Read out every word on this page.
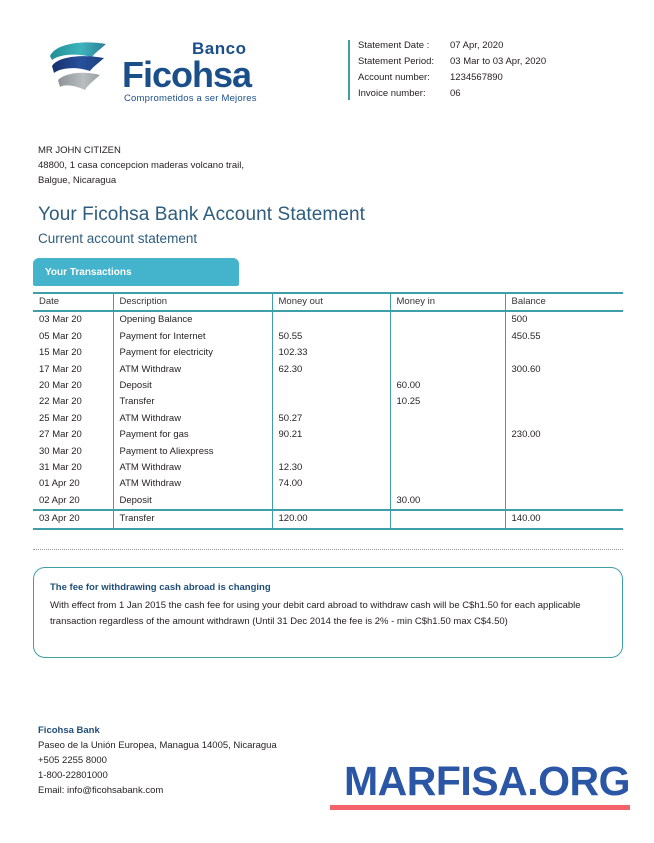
Banco
Ficohsa
Comprometidos a ser Mejores
Statement Date :	07 Apr, 2020
Statement Period:	03 Mar to 03 Apr, 2020
Account number:	1234567890
Invoice number:	06
MR JOHN CITIZEN
48800, 1 casa concepcion maderas volcano trail,
Balgue, Nicaragua
Your Ficohsa Bank Account Statement
Current account statement
Your Transactions
Date	Description	Money out	Money in	Balance
03 Mar 20	Opening Balance			500
05 Mar 20	Payment for Internet	50.55		450.55
15 Mar 20	Payment for electricity	102.33		
17 Mar 20	ATM Withdraw	62.30		300.60
20 Mar 20	Deposit		60.00	
22 Mar 20	Transfer		10.25	
25 Mar 20	ATM Withdraw	50.27		
27 Mar 20	Payment for gas	90.21		230.00
30 Mar 20	Payment to Aliexpress			
31 Mar 20	ATM Withdraw	12.30		
01 Apr 20	ATM Withdraw	74.00		
02 Apr 20	Deposit		30.00	
03 Apr 20	Transfer	120.00		140.00
The fee for withdrawing cash abroad is changing
With effect from 1 Jan 2015 the cash fee for using your debit card abroad to withdraw cash will be C$h1.50 for each applicable transaction regardless of the amount withdrawn (Until 31 Dec 2014 the fee is 2% - min C$h1.50 max C$4.50)
Ficohsa Bank
Paseo de la Unión Europea, Managua 14005, Nicaragua
+505 2255 8000
1-800-22801000
Email: info@ficohsabank.com	MARFISA.ORG
